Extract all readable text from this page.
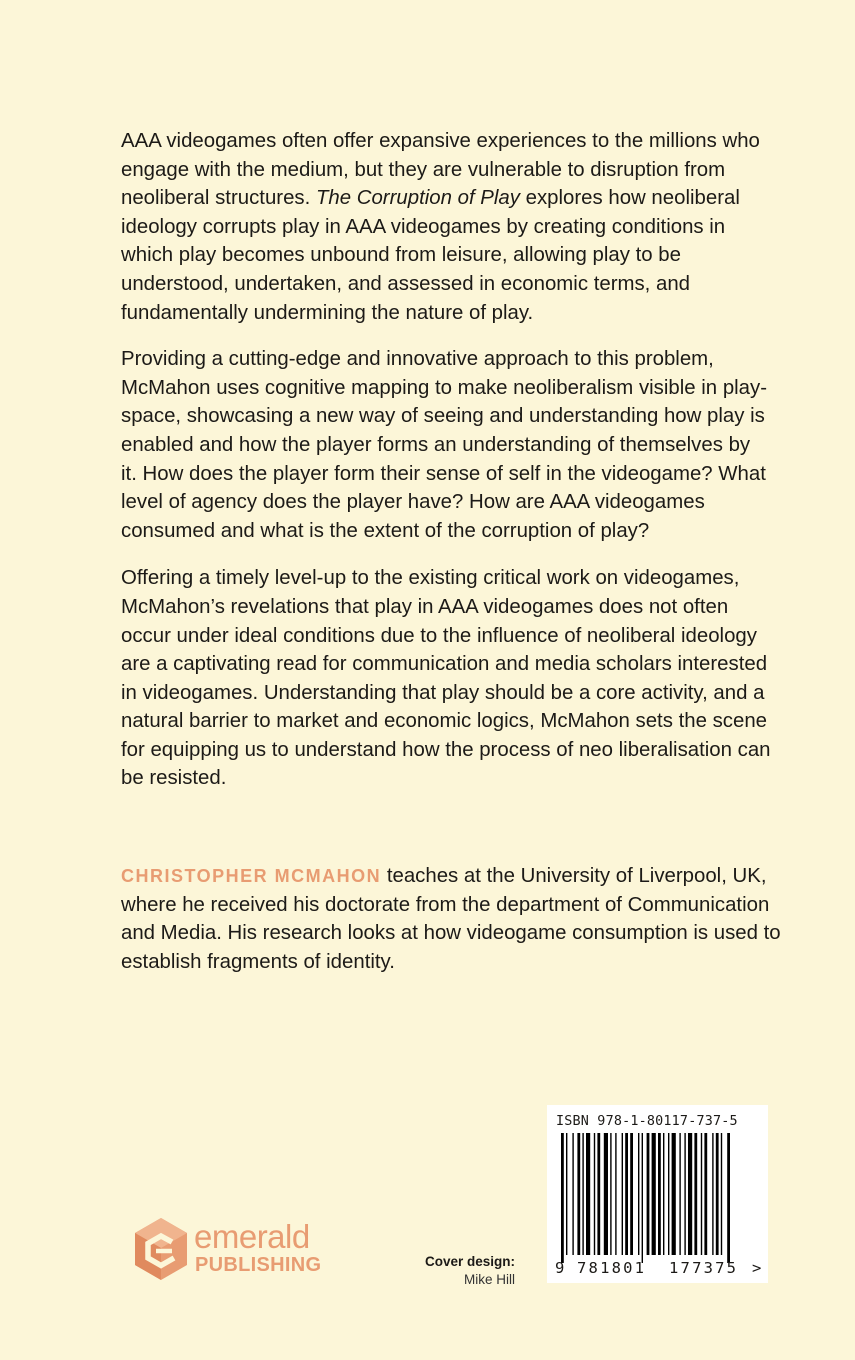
AAA videogames often offer expansive experiences to the millions who engage with the medium, but they are vulnerable to disruption from neoliberal structures. The Corruption of Play explores how neoliberal ideology corrupts play in AAA videogames by creating conditions in which play becomes unbound from leisure, allowing play to be understood, undertaken, and assessed in economic terms, and fundamentally undermining the nature of play.

Providing a cutting-edge and innovative approach to this problem, McMahon uses cognitive mapping to make neoliberalism visible in play-space, showcasing a new way of seeing and understanding how play is enabled and how the player forms an understanding of themselves by it. How does the player form their sense of self in the videogame? What level of agency does the player have? How are AAA videogames consumed and what is the extent of the corruption of play?

Offering a timely level-up to the existing critical work on videogames, McMahon’s revelations that play in AAA videogames does not often occur under ideal conditions due to the influence of neoliberal ideology are a captivating read for communication and media scholars interested in videogames. Understanding that play should be a core activity, and a natural barrier to market and economic logics, McMahon sets the scene for equipping us to understand how the process of neo liberalisation can be resisted.

CHRISTOPHER MCMAHON teaches at the University of Liverpool, UK, where he received his doctorate from the department of Communication and Media. His research looks at how videogame consumption is used to establish fragments of identity.

emerald
PUBLISHING	Cover design:
Mike Hill
ISBN 978-1-80117-737-5
9 781801 177375 >
